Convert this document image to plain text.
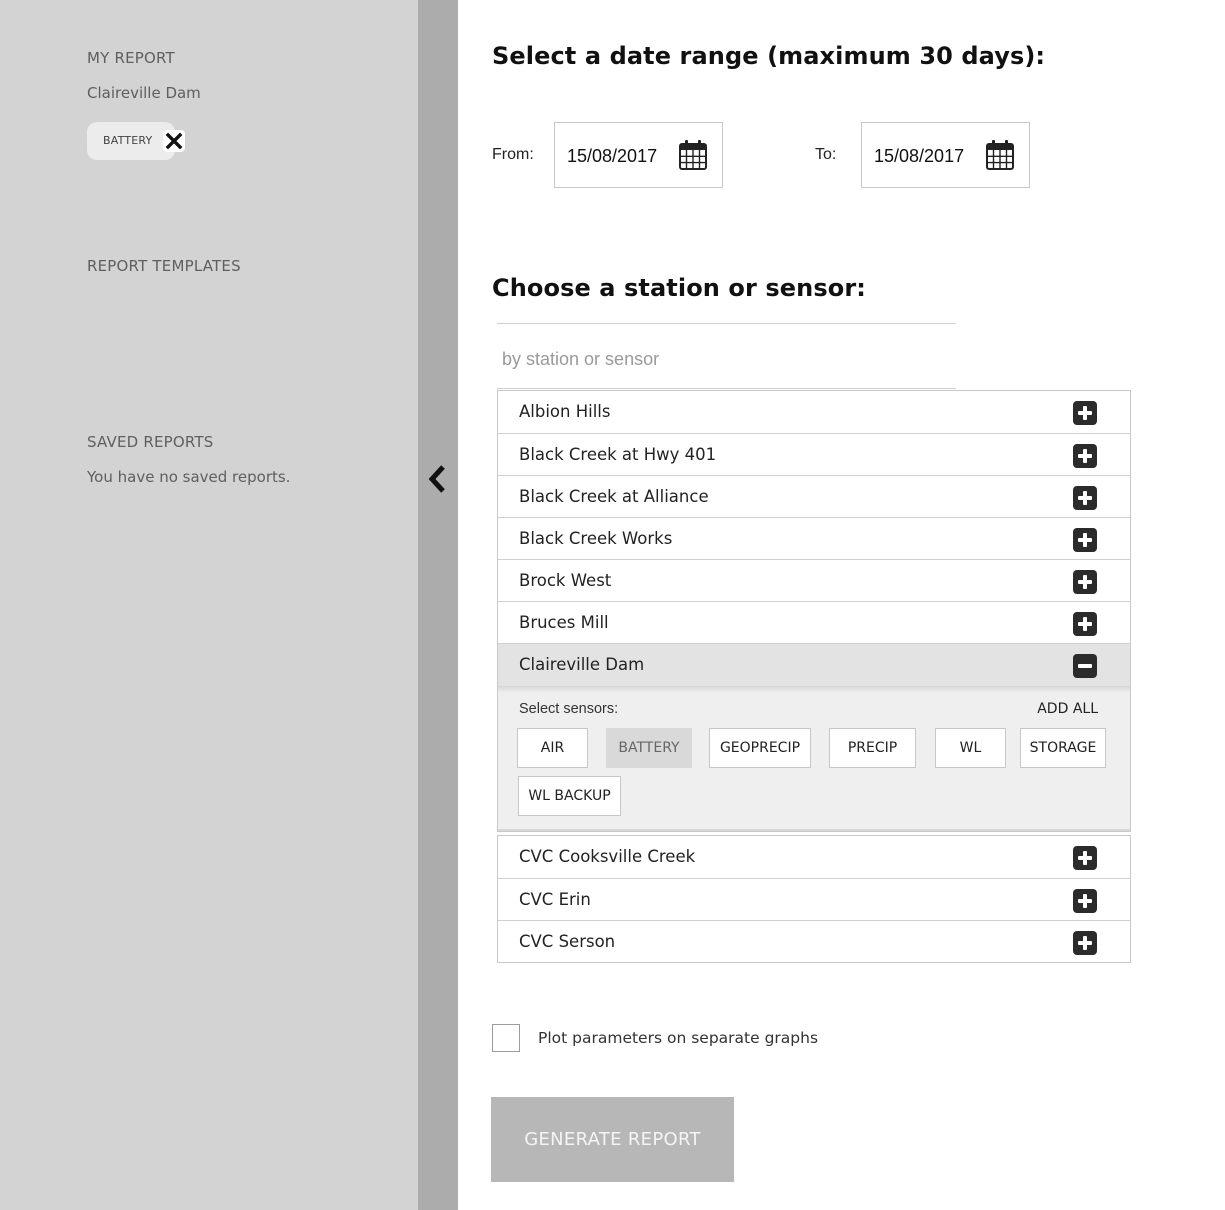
MY REPORT
Claireville Dam
BATTERY
REPORT TEMPLATES
SAVED REPORTS
You have no saved reports.
Select a date range (maximum 30 days):
From: 15/08/2017	To: 15/08/2017
Choose a station or sensor:
by station or sensor
Albion Hills
Black Creek at Hwy 401
Black Creek at Alliance
Black Creek Works
Brock West
Bruces Mill
Claireville Dam
Select sensors:	ADD ALL
AIR	BATTERY	GEOPRECIP	PRECIP	WL	STORAGE
WL BACKUP
CVC Cooksville Creek
CVC Erin
CVC Serson
Plot parameters on separate graphs
GENERATE REPORT
